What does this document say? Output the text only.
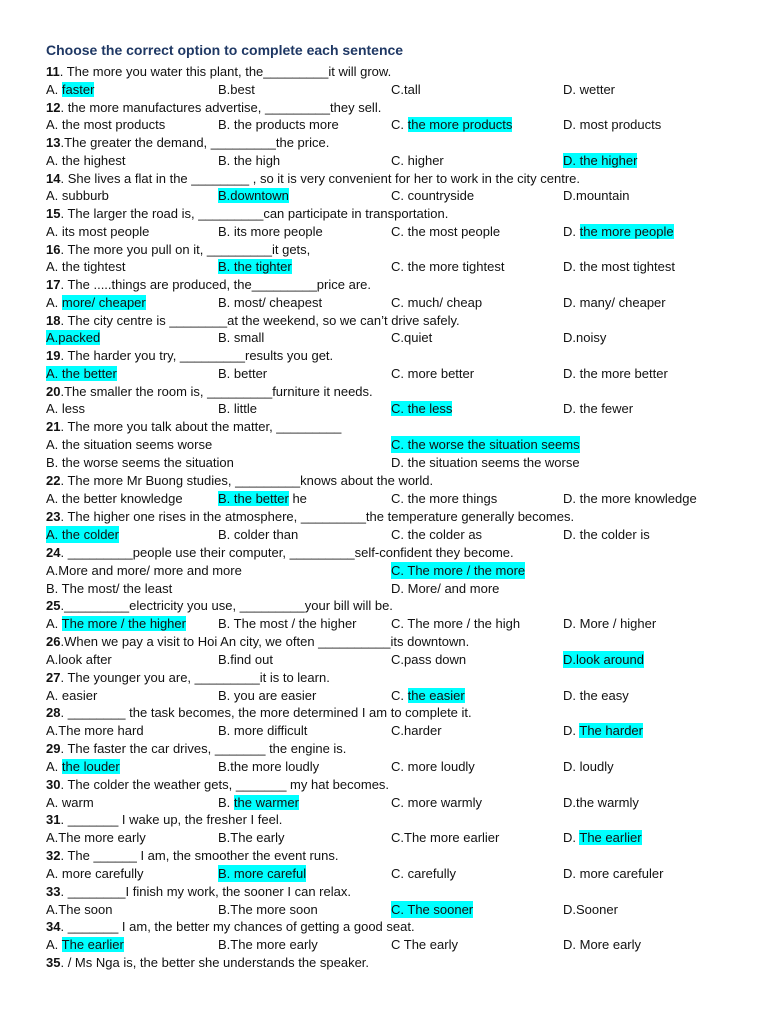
Choose the correct option to complete each sentence
11. The more you water this plant, the_________it will grow.
A. faster	B.best	C.tall	D. wetter
12. the more manufactures advertise, _________they sell.
A. the most products	B. the products more	C. the more products	D. most products
13.The greater the demand, _________the price.
A. the highest	B. the high	C. higher	D. the higher
14. She lives a flat in the ________ , so it is very convenient for her to work in the city centre.
A. subburb	B.downtown	C. countryside	D.mountain
15. The larger the road is, _________can participate in transportation.
A. its most people	B. its more people	C. the most people	D. the more people
16. The more you pull on it, _________it gets,
A. the tightest	B. the tighter	C. the more tightest	D. the most tightest
17. The .....things are produced, the_________price are.
A. more/ cheaper	B. most/ cheapest	C. much/ cheap	D. many/ cheaper
18. The city centre is ________at the weekend, so we can’t drive safely.
A.packed	B. small	C.quiet	D.noisy
19. The harder you try, _________results you get.
A. the better	B. better	C. more better	D. the more better
20.The smaller the room is, _________furniture it needs.
A. less	B. little	C. the less	D. the fewer
21. The more you talk about the matter, _________
A. the situation seems worse	C. the worse the situation seems
B. the worse seems the situation	D. the situation seems the worse
22. The more Mr Buong studies, _________knows about the world.
A. the better knowledge	B. the better he	C. the more things	D. the more knowledge
23. The higher one rises in the atmosphere, _________the temperature generally becomes.
A. the colder	B. colder than	C. the colder as	D. the colder is
24. _________people use their computer, _________self-confident they become.
A.More and more/ more and more	C. The more / the more
B. The most/ the least	D. More/ and more
25._________electricity you use, _________your bill will be.
A. The more / the higher B. The most / the higher	C. The more / the high	D. More / higher
26.When we pay a visit to Hoi An city, we often __________its downtown.
A.look after	B.find out	C.pass down	D.look around
27. The younger you are, _________it is to learn.
A. easier	B. you are easier	C. the easier	D. the easy
28. ________ the task becomes, the more determined I am to complete it.
A.The more hard	B. more difficult	C.harder	D. The harder
29. The faster the car drives, _______ the engine is.
A. the louder	B.the more loudly	C. more loudly	D. loudly
30. The colder the weather gets, _______ my hat becomes.
A. warm	B. the warmer	C. more warmly	D.the warmly
31. _______ I wake up, the fresher I feel.
A.The more early	B.The early	C.The more earlier	D. The earlier
32. The ______ I am, the smoother the event runs.
A. more carefully	B. more careful	C. carefully	D. more carefuler
33. ________I finish my work, the sooner I can relax.
A.The soon	B.The more soon	C. The sooner	D.Sooner
34. _______ I am, the better my chances of getting a good seat.
A. The earlier	B.The more early	C The early	D. More early
35. / Ms Nga is, the better she understands the speaker.
